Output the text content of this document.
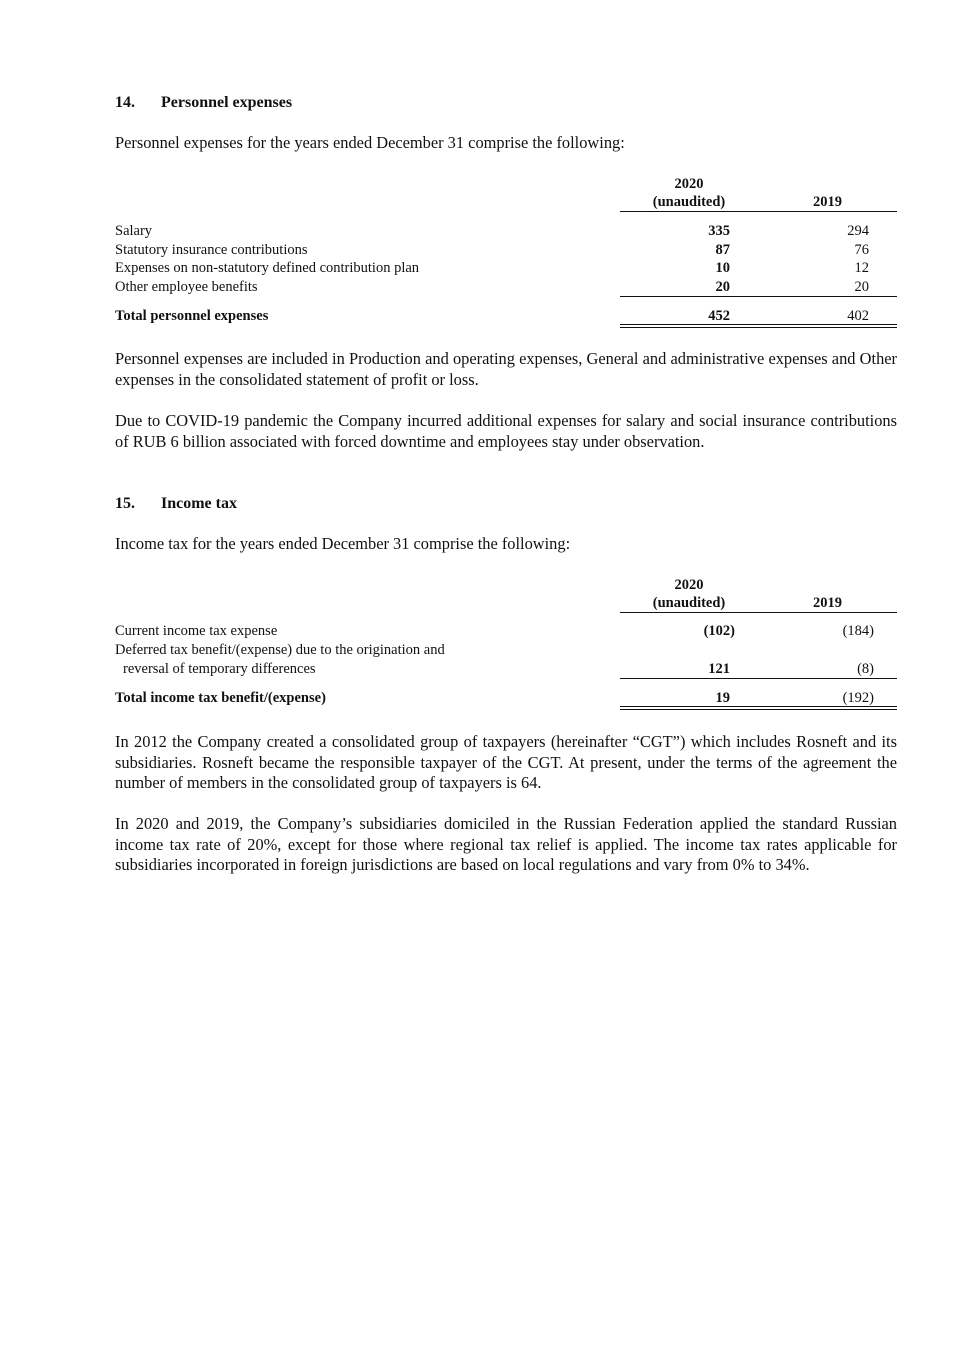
14. Personnel expenses
Personnel expenses for the years ended December 31 comprise the following:
2020
(unaudited)	2019
Salary	335	294
Statutory insurance contributions	87	76
Expenses on non-statutory defined contribution plan	10	12
Other employee benefits	20	20
Total personnel expenses	452	402

Personnel expenses are included in Production and operating expenses, General and administrative expenses and Other expenses in the consolidated statement of profit or loss.

Due to COVID-19 pandemic the Company incurred additional expenses for salary and social insurance contributions of RUB 6 billion associated with forced downtime and employees stay under observation.

15. Income tax
Income tax for the years ended December 31 comprise the following:
2020
(unaudited)	2019
Current income tax expense	(102)	(184)
Deferred tax benefit/(expense) due to the origination and
reversal of temporary differences	121	(8)
Total income tax benefit/(expense)	19	(192)

In 2012 the Company created a consolidated group of taxpayers (hereinafter “CGT”) which includes Rosneft and its subsidiaries. Rosneft became the responsible taxpayer of the CGT. At present, under the terms of the agreement the number of members in the consolidated group of taxpayers is 64.

In 2020 and 2019, the Company’s subsidiaries domiciled in the Russian Federation applied the standard Russian income tax rate of 20%, except for those where regional tax relief is applied. The income tax rates applicable for subsidiaries incorporated in foreign jurisdictions are based on local regulations and vary from 0% to 34%.
